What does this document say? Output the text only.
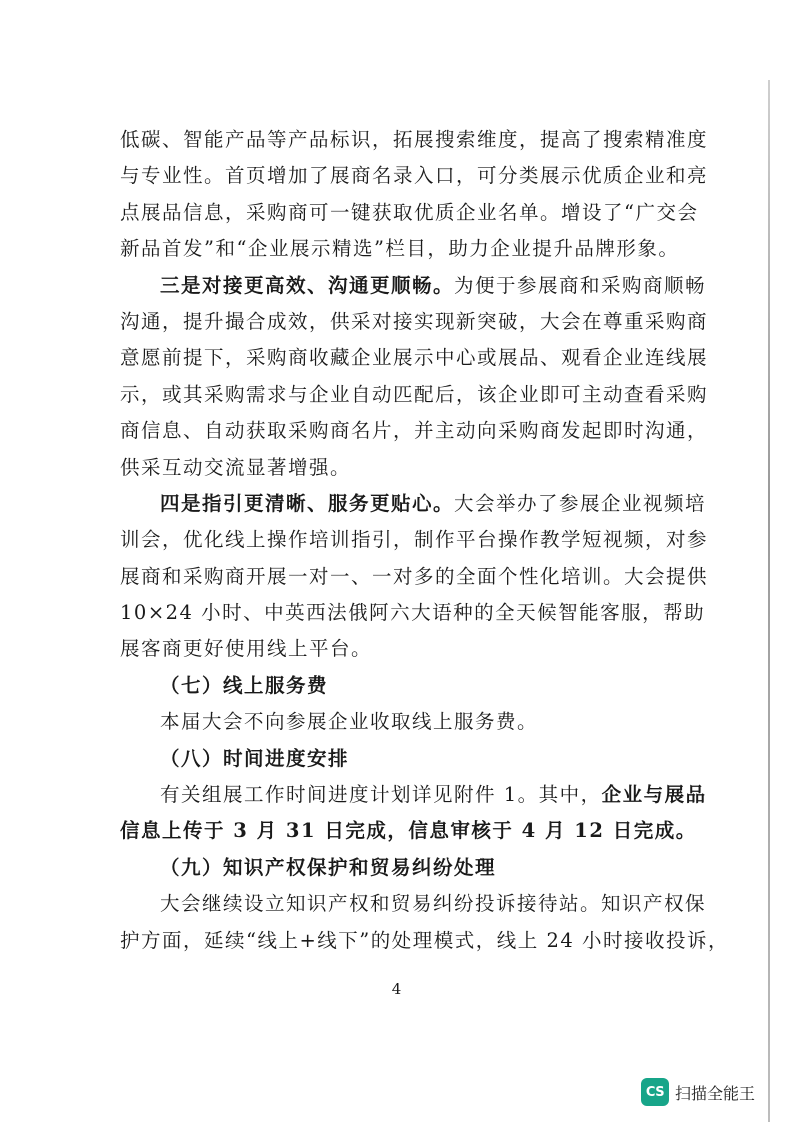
低碳、智能产品等产品标识，拓展搜索维度，提高了搜索精准度
与专业性。首页增加了展商名录入口，可分类展示优质企业和亮
点展品信息，采购商可一键获取优质企业名单。增设了“广交会
新品首发”和“企业展示精选”栏目，助力企业提升品牌形象。
三是对接更高效、沟通更顺畅。为便于参展商和采购商顺畅
沟通，提升撮合成效，供采对接实现新突破，大会在尊重采购商
意愿前提下，采购商收藏企业展示中心或展品、观看企业连线展
示，或其采购需求与企业自动匹配后，该企业即可主动查看采购
商信息、自动获取采购商名片，并主动向采购商发起即时沟通，
供采互动交流显著增强。
四是指引更清晰、服务更贴心。大会举办了参展企业视频培
训会，优化线上操作培训指引，制作平台操作教学短视频，对参
展商和采购商开展一对一、一对多的全面个性化培训。大会提供
10×24 小时、中英西法俄阿六大语种的全天候智能客服，帮助
展客商更好使用线上平台。
（七）线上服务费
本届大会不向参展企业收取线上服务费。
（八）时间进度安排
有关组展工作时间进度计划详见附件 1。其中，企业与展品
信息上传于 3 月 31 日完成，信息审核于 4 月 12 日完成。
（九）知识产权保护和贸易纠纷处理
大会继续设立知识产权和贸易纠纷投诉接待站。知识产权保
护方面，延续“线上+线下”的处理模式，线上 24 小时接收投诉，
4
CS 扫描全能王
